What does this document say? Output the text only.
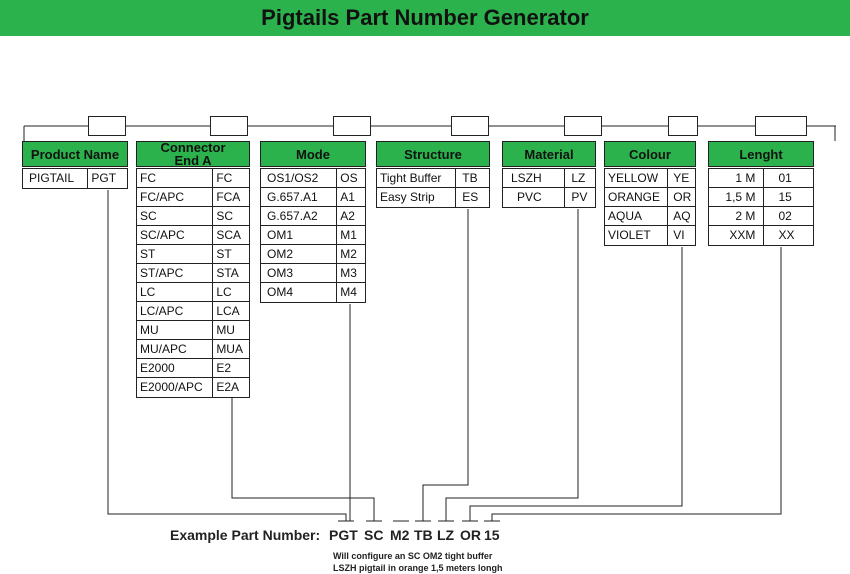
Pigtails Part Number Generator
Product Name
PIGTAIL	PGT
Connector
End A
FC	FC
FC/APC	FCA
SC	SC
SC/APC	SCA
ST	ST
ST/APC	STA
LC	LC
LC/APC	LCA
MU	MU
MU/APC	MUA
E2000	E2
E2000/APC	E2A
Mode
OS1/OS2	OS
G.657.A1	A1
G.657.A2	A2
OM1	M1
OM2	M2
OM3	M3
OM4	M4
Structure
Tight Buffer	TB
Easy Strip	ES
Material
LSZH	LZ
PVC	PV
Colour
YELLOW	YE
ORANGE	OR
AQUA	AQ
VIOLET	VI
Lenght
1 M	01
1,5 M	15
2 M	02
XXM	XX
Example Part Number: PGT SC M2 TB LZ OR 15
Will configure an SC OM2 tight buffer
LSZH pigtail in orange 1,5 meters longh
